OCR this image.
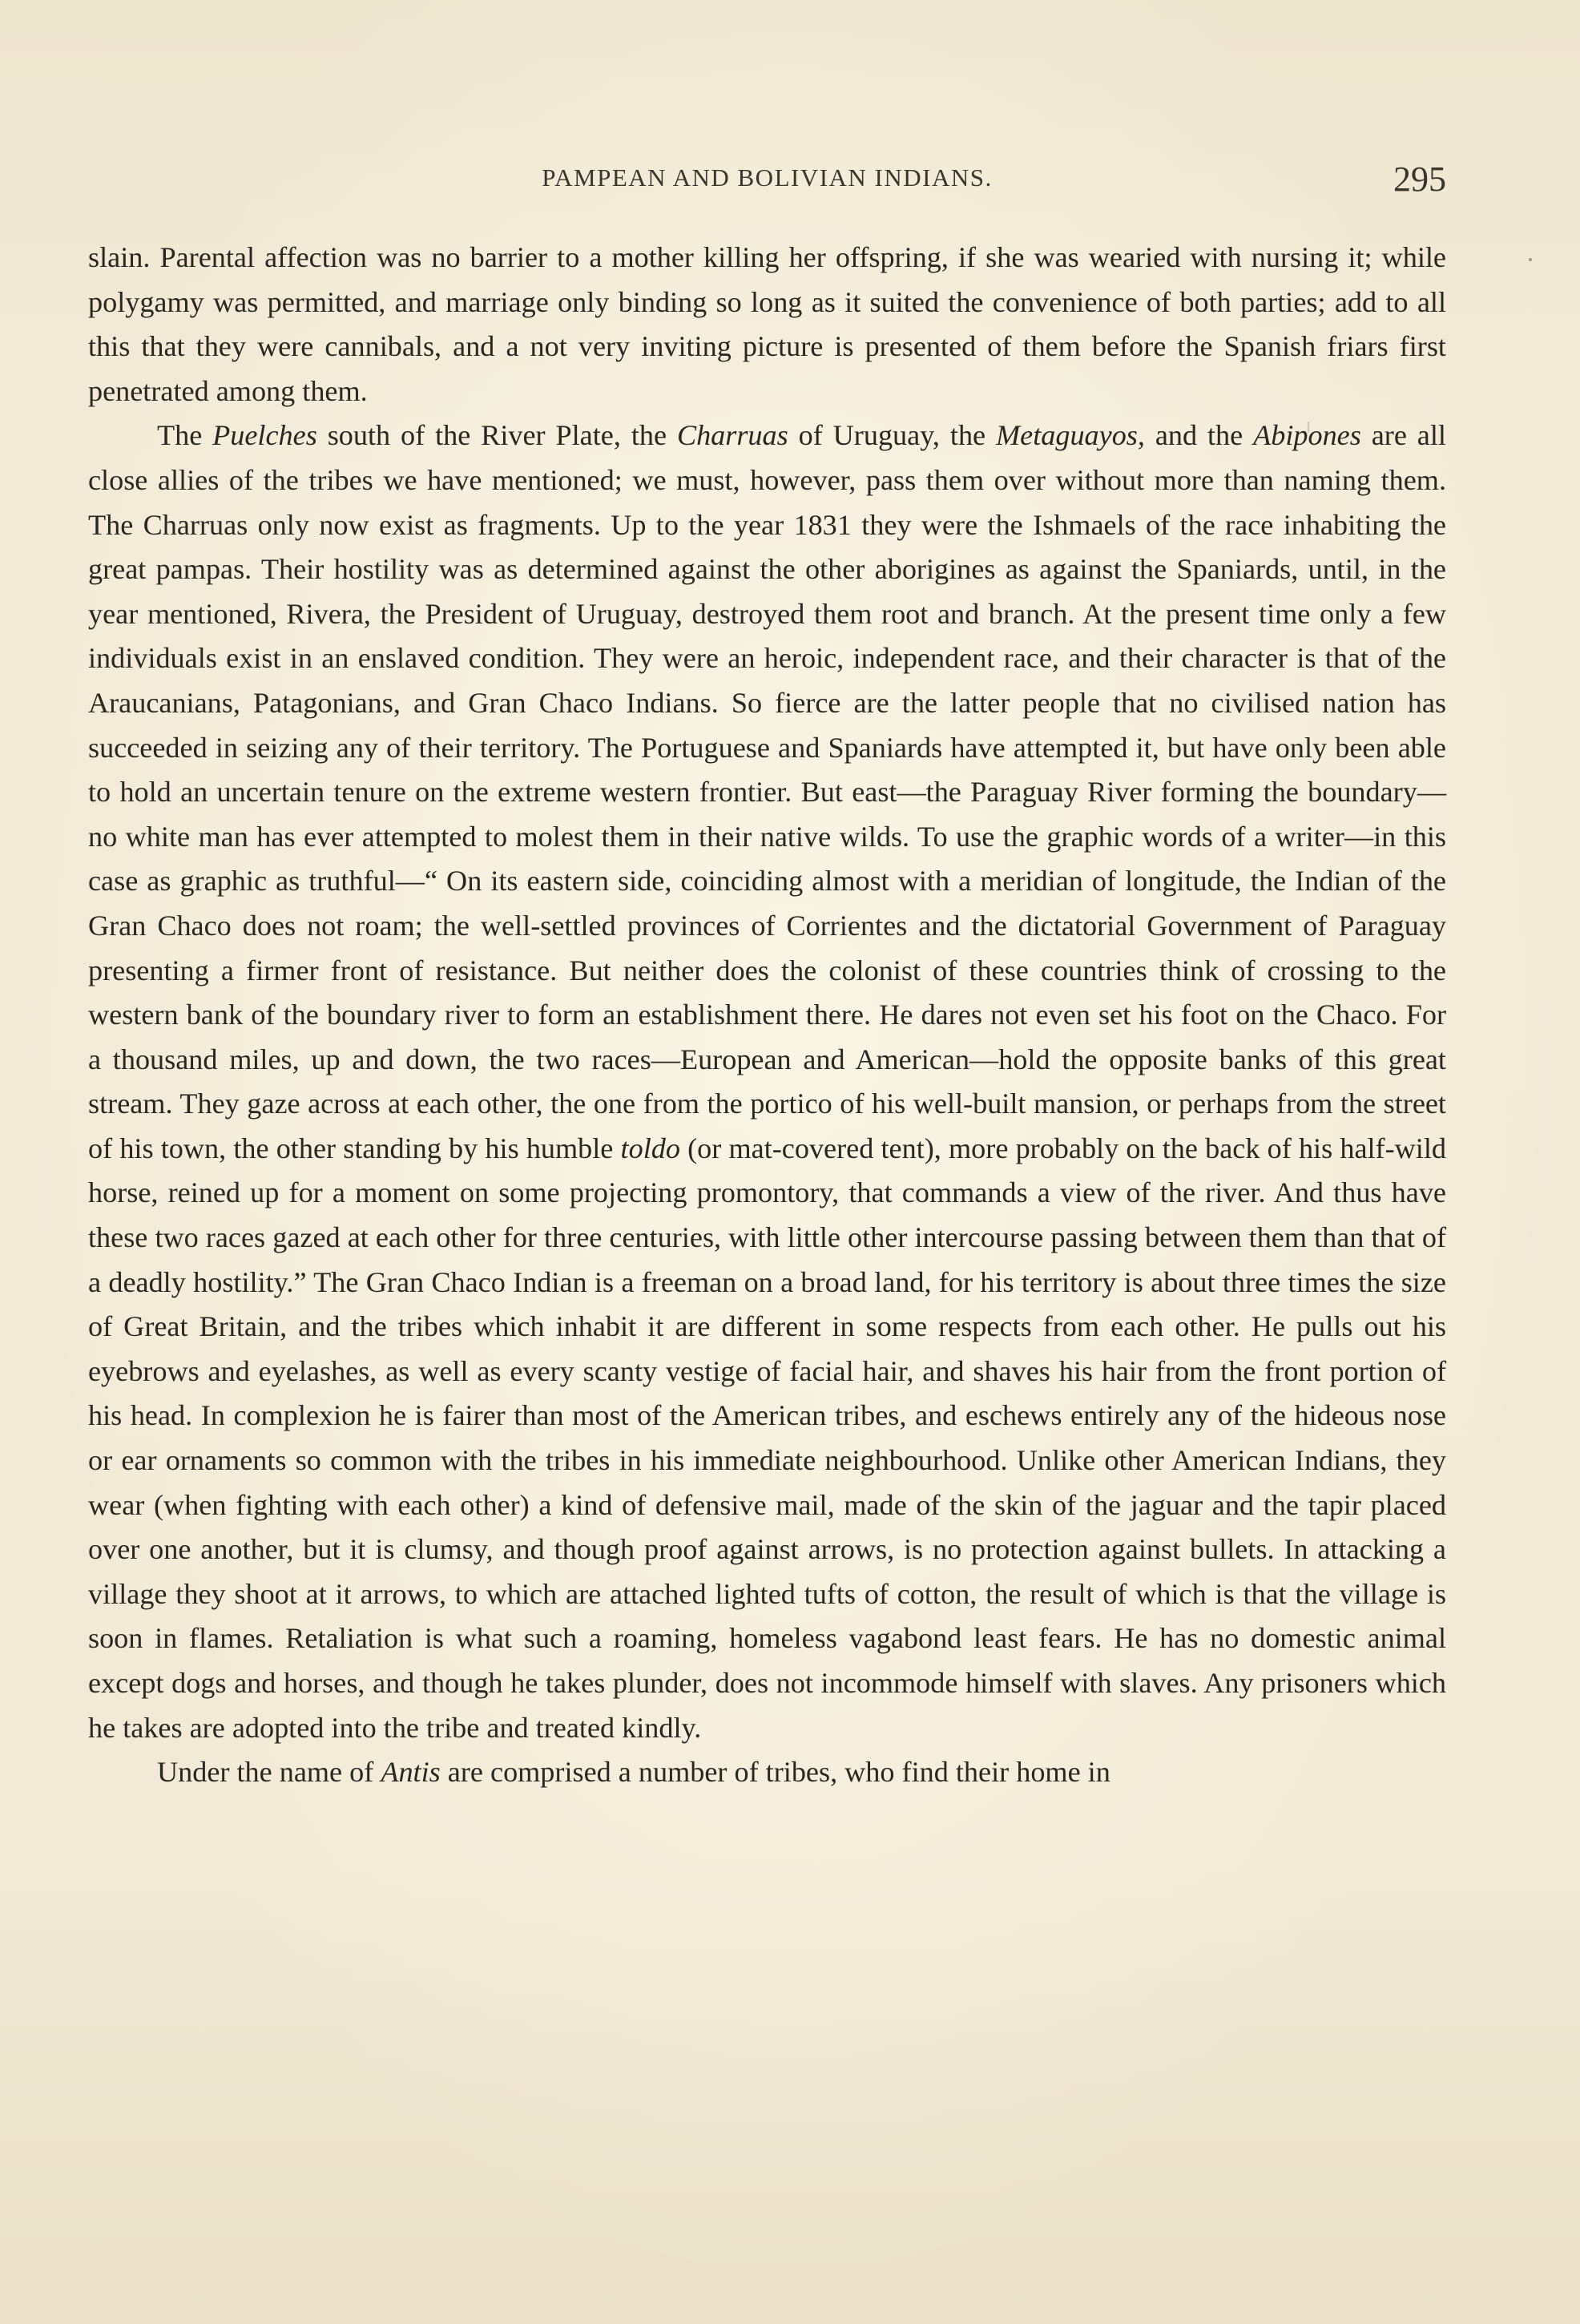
PAMPEAN AND BOLIVIAN INDIANS.	295

slain. Parental affection was no barrier to a mother killing her offspring, if she was wearied with nursing it; while polygamy was permitted, and marriage only binding so long as it suited the convenience of both parties; add to all this that they were cannibals, and a not very inviting picture is presented of them before the Spanish friars first penetrated among them.

The Puelches south of the River Plate, the Charruas of Uruguay, the Metaguayos, and the Abipones are all close allies of the tribes we have mentioned; we must, however, pass them over without more than naming them. The Charruas only now exist as fragments. Up to the year 1831 they were the Ishmaels of the race inhabiting the great pampas. Their hostility was as determined against the other aborigines as against the Spaniards, until, in the year mentioned, Rivera, the President of Uruguay, destroyed them root and branch. At the present time only a few individuals exist in an enslaved condition. They were an heroic, independent race, and their character is that of the Araucanians, Patagonians, and Gran Chaco Indians. So fierce are the latter people that no civilised nation has succeeded in seizing any of their territory. The Portuguese and Spaniards have attempted it, but have only been able to hold an uncertain tenure on the extreme western frontier. But east—the Paraguay River forming the boundary—no white man has ever attempted to molest them in their native wilds. To use the graphic words of a writer—in this case as graphic as truthful—“ On its eastern side, coinciding almost with a meridian of longitude, the Indian of the Gran Chaco does not roam; the well-settled provinces of Corrientes and the dictatorial Government of Paraguay presenting a firmer front of resistance. But neither does the colonist of these countries think of crossing to the western bank of the boundary river to form an establishment there. He dares not even set his foot on the Chaco. For a thousand miles, up and down, the two races—European and American—hold the opposite banks of this great stream. They gaze across at each other, the one from the portico of his well-built mansion, or perhaps from the street of his town, the other standing by his humble toldo (or mat-covered tent), more probably on the back of his half-wild horse, reined up for a moment on some projecting promontory, that commands a view of the river. And thus have these two races gazed at each other for three centuries, with little other intercourse passing between them than that of a deadly hostility.” The Gran Chaco Indian is a freeman on a broad land, for his territory is about three times the size of Great Britain, and the tribes which inhabit it are different in some respects from each other. He pulls out his eyebrows and eyelashes, as well as every scanty vestige of facial hair, and shaves his hair from the front portion of his head. In complexion he is fairer than most of the American tribes, and eschews entirely any of the hideous nose or ear ornaments so common with the tribes in his immediate neighbourhood. Unlike other American Indians, they wear (when fighting with each other) a kind of defensive mail, made of the skin of the jaguar and the tapir placed over one another, but it is clumsy, and though proof against arrows, is no protection against bullets. In attacking a village they shoot at it arrows, to which are attached lighted tufts of cotton, the result of which is that the village is soon in flames. Retaliation is what such a roaming, homeless vagabond least fears. He has no domestic animal except dogs and horses, and though he takes plunder, does not incommode himself with slaves. Any prisoners which he takes are adopted into the tribe and treated kindly.

Under the name of Antis are comprised a number of tribes, who find their home in
